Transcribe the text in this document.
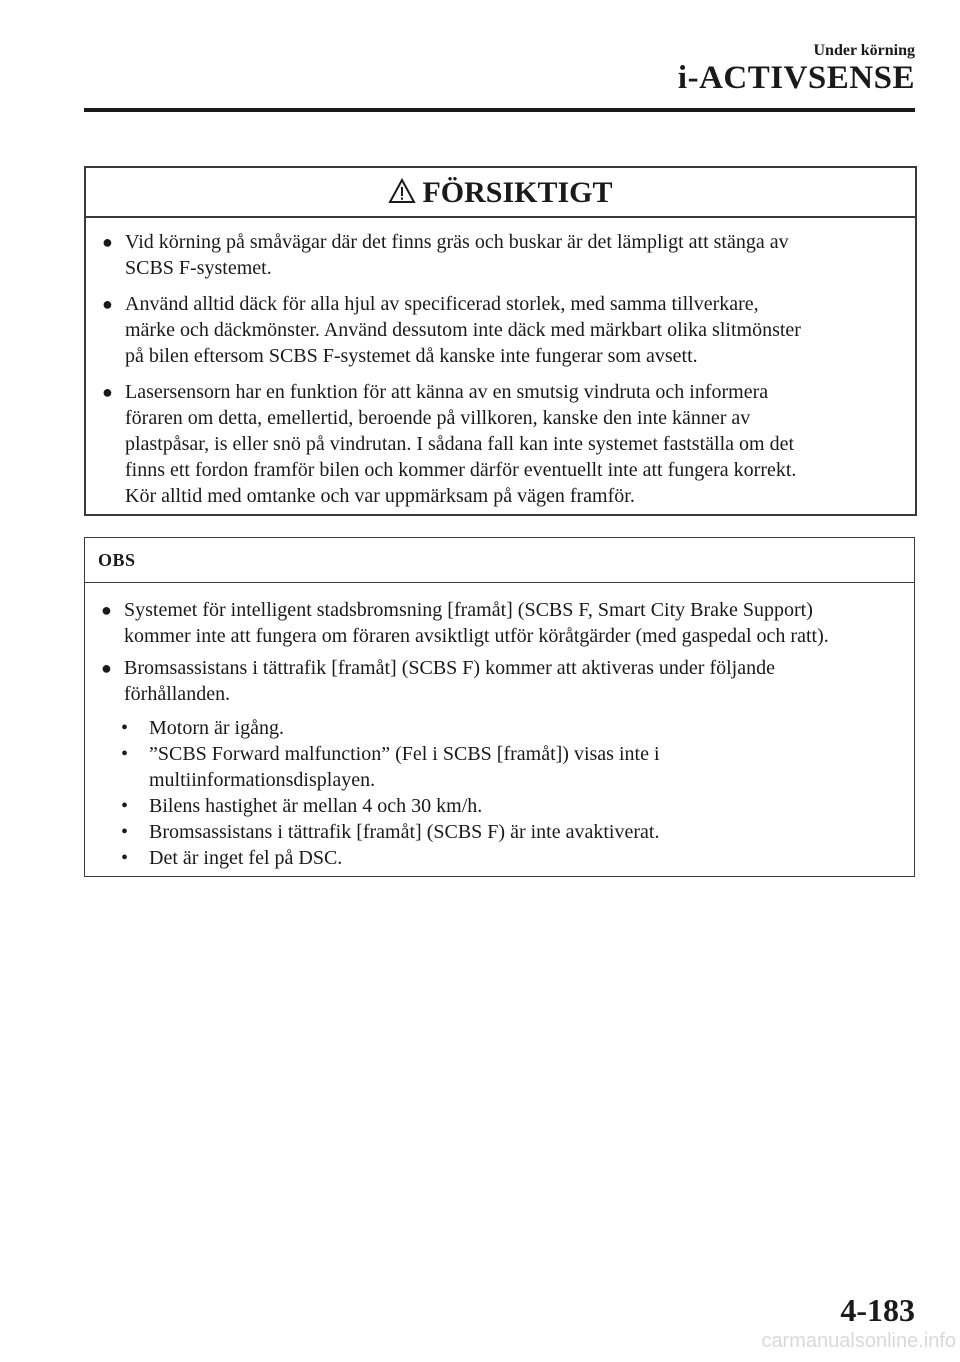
Under körning
i-ACTIVSENSE
FÖRSIKTIGT
● Vid körning på småvägar där det finns gräs och buskar är det lämpligt att stänga av
SCBS F-systemet.
● Använd alltid däck för alla hjul av specificerad storlek, med samma tillverkare,
märke och däckmönster. Använd dessutom inte däck med märkbart olika slitmönster
på bilen eftersom SCBS F-systemet då kanske inte fungerar som avsett.
● Lasersensorn har en funktion för att känna av en smutsig vindruta och informera
föraren om detta, emellertid, beroende på villkoren, kanske den inte känner av
plastpåsar, is eller snö på vindrutan. I sådana fall kan inte systemet fastställa om det
finns ett fordon framför bilen och kommer därför eventuellt inte att fungera korrekt.
Kör alltid med omtanke och var uppmärksam på vägen framför.
OBS
● Systemet för intelligent stadsbromsning [framåt] (SCBS F, Smart City Brake Support)
kommer inte att fungera om föraren avsiktligt utför köråtgärder (med gaspedal och ratt).
● Bromsassistans i tättrafik [framåt] (SCBS F) kommer att aktiveras under följande
förhållanden.
• Motorn är igång.
• ”SCBS Forward malfunction” (Fel i SCBS [framåt]) visas inte i
multiinformationsdisplayen.
• Bilens hastighet är mellan 4 och 30 km/h.
• Bromsassistans i tättrafik [framåt] (SCBS F) är inte avaktiverat.
• Det är inget fel på DSC.
4-183
carmanualsonline.info
